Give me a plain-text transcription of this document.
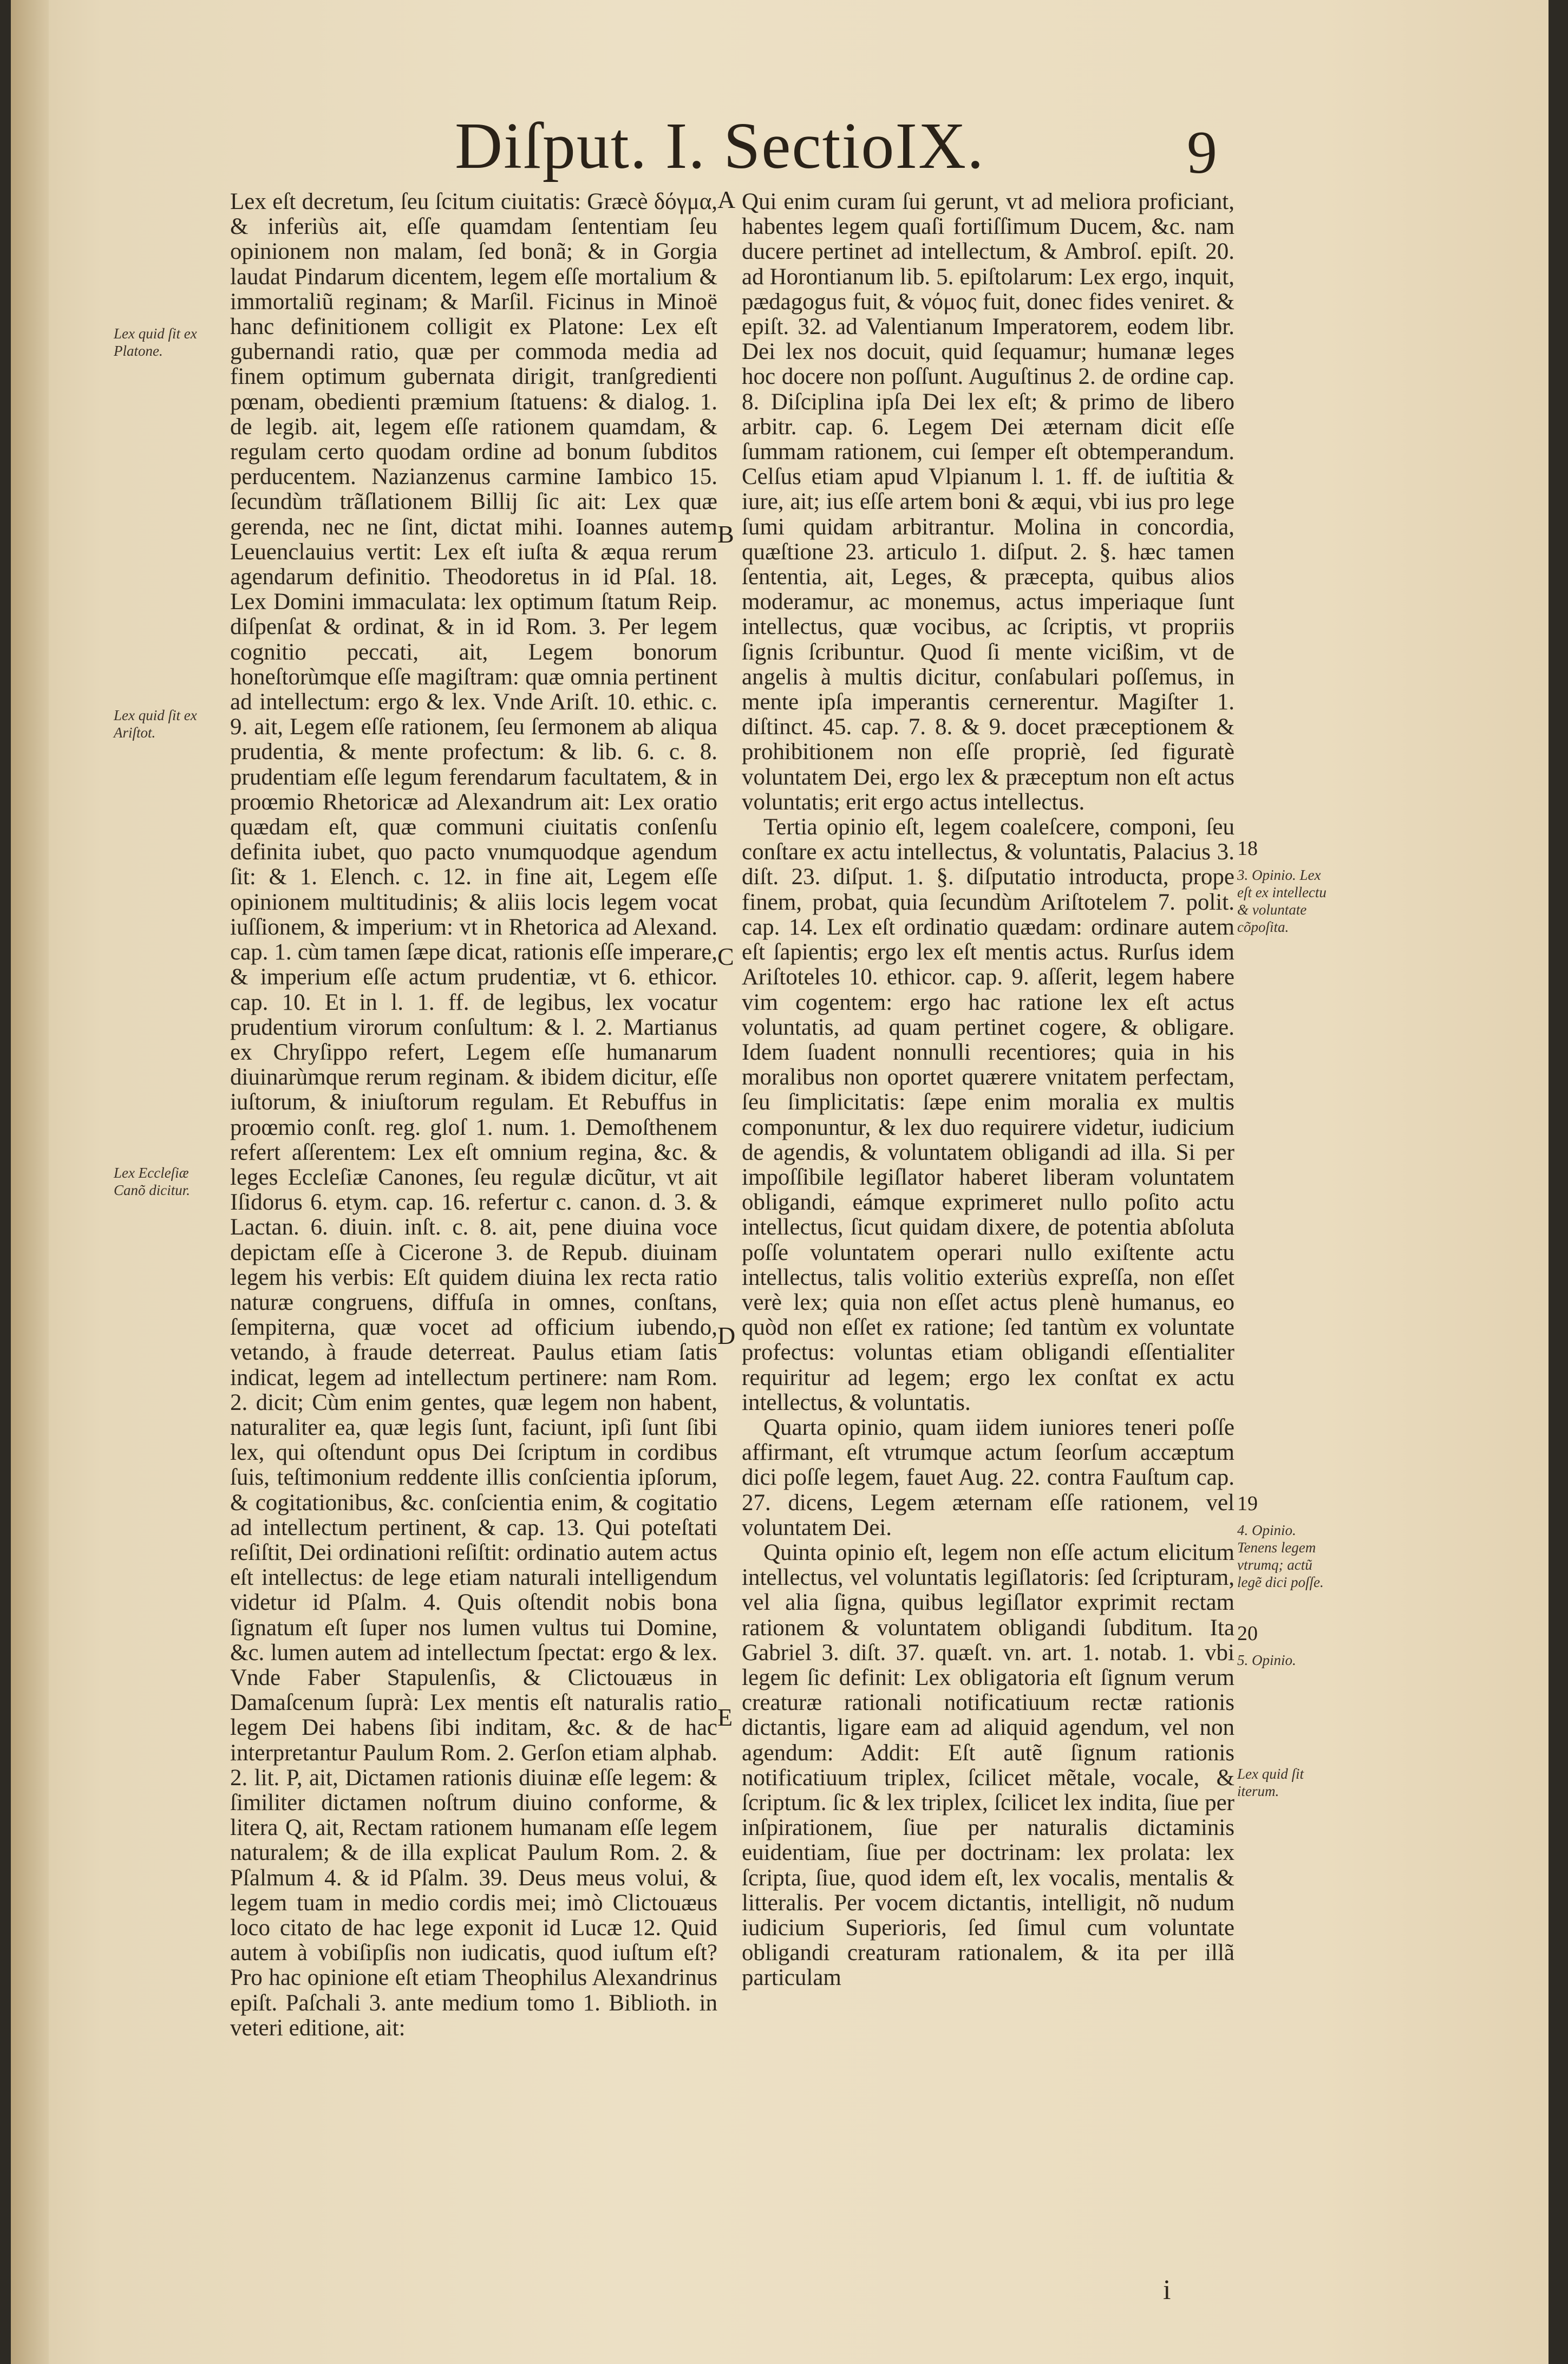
Diſput. I. SectioIX.	9
Lex quid ſit ex Platone.
Lex quid ſit ex Ariſtot.
Lex Eccleſiæ Canõ dicitur.

Lex eſt decretum, ſeu ſcitum ciuitatis: Græcè δόγμα, & inferiùs ait, eſſe quamdam ſententiam ſeu opinionem non malam, ſed bonã; & in Gorgia laudat Pindarum dicentem, legem eſſe mortalium & immortaliũ reginam; & Marſil. Ficinus in Minoë hanc definitionem colligit ex Platone: Lex eſt gubernandi ratio, quæ per commoda media ad finem optimum gubernata dirigit, tranſgredienti pœnam, obedienti præmium ſtatuens: & dialog. 1. de legib. ait, legem eſſe rationem quamdam, & regulam certo quodam ordine ad bonum ſubditos perducentem. Nazianzenus carmine Iambico 15. ſecundùm trãſlationem Billij ſic ait: Lex quæ gerenda, nec ne ſint, dictat mihi. Ioannes autem Leuenclauius vertit: Lex eſt iuſta & æqua rerum agendarum definitio. Theodoretus in id Pſal. 18. Lex Domini immaculata: lex optimum ſtatum Reip. diſpenſat & ordinat, & in id Rom. 3. Per legem cognitio peccati, ait, Legem bonorum honeſtorùmque eſſe magiſtram: quæ omnia pertinent ad intellectum: ergo & lex. Vnde Ariſt. 10. ethic. c. 9. ait, Legem eſſe rationem, ſeu ſermonem ab aliqua prudentia, & mente profectum: & lib. 6. c. 8. prudentiam eſſe legum ferendarum facultatem, & in proœmio Rhetoricæ ad Alexandrum ait: Lex oratio quædam eſt, quæ communi ciuitatis conſenſu definita iubet, quo pacto vnumquodque agendum ſit: & 1. Elench. c. 12. in fine ait, Legem eſſe opinionem multitudinis; & aliis locis legem vocat iuſſionem, & imperium: vt in Rhetorica ad Alexand. cap. 1. cùm tamen ſæpe dicat, rationis eſſe imperare, & imperium eſſe actum prudentiæ, vt 6. ethicor. cap. 10. Et in l. 1. ff. de legibus, lex vocatur prudentium virorum conſultum: & l. 2. Martianus ex Chryſippo refert, Legem eſſe humanarum diuinarùmque rerum reginam. & ibidem dicitur, eſſe iuſtorum, & iniuſtorum regulam. Et Rebuffus in proœmio conſt. reg. gloſ 1. num. 1. Demoſthenem refert aſſerentem: Lex eſt omnium regina, &c. & leges Eccleſiæ Canones, ſeu regulæ dicũtur, vt ait Iſidorus 6. etym. cap. 16. refertur c. canon. d. 3. & Lactan. 6. diuin. inſt. c. 8. ait, pene diuina voce depictam eſſe à Cicerone 3. de Repub. diuinam legem his verbis: Eſt quidem diuina lex recta ratio naturæ congruens, diffuſa in omnes, conſtans, ſempiterna, quæ vocet ad officium iubendo, vetando, à fraude deterreat. Paulus etiam ſatis indicat, legem ad intellectum pertinere: nam Rom. 2. dicit; Cùm enim gentes, quæ legem non habent, naturaliter ea, quæ legis ſunt, faciunt, ipſi ſunt ſibi lex, qui oſtendunt opus Dei ſcriptum in cordibus ſuis, teſtimonium reddente illis conſcientia ipſorum, & cogitationibus, &c. conſcientia enim, & cogitatio ad intellectum pertinent, & cap. 13. Qui poteſtati reſiſtit, Dei ordinationi reſiſtit: ordinatio autem actus eſt intellectus: de lege etiam naturali intelligendum videtur id Pſalm. 4. Quis oſtendit nobis bona ſignatum eſt ſuper nos lumen vultus tui Domine, &c. lumen autem ad intellectum ſpectat: ergo & lex. Vnde Faber Stapulenſis, & Clictouæus in Damaſcenum ſuprà: Lex mentis eſt naturalis ratio legem Dei habens ſibi inditam, &c. & de hac interpretantur Paulum Rom. 2. Gerſon etiam alphab. 2. lit. P, ait, Dictamen rationis diuinæ eſſe legem: & ſimiliter dictamen noſtrum diuino conforme, & litera Q, ait, Rectam rationem humanam eſſe legem naturalem; & de illa explicat Paulum Rom. 2. & Pſalmum 4. & id Pſalm. 39. Deus meus volui, & legem tuam in medio cordis mei; imò Clictouæus loco citato de hac lege exponit id Lucæ 12. Quid autem à vobiſipſis non iudicatis, quod iuſtum eſt? Pro hac opinione eſt etiam Theophilus Alexandrinus epiſt. Paſchali 3. ante medium tomo 1. Biblioth. in veteri editione, ait:

Qui enim curam ſui gerunt, vt ad meliora proficiant, habentes legem quaſi fortiſſimum Ducem, &c. nam ducere pertinet ad intellectum, & Ambroſ. epiſt. 20. ad Horontianum lib. 5. epiſtolarum: Lex ergo, inquit, pædagogus fuit, & νόμος fuit, donec fides veniret. & epiſt. 32. ad Valentianum Imperatorem, eodem libr. Dei lex nos docuit, quid ſequamur; humanæ leges hoc docere non poſſunt. Auguſtinus 2. de ordine cap. 8. Diſciplina ipſa Dei lex eſt; & primo de libero arbitr. cap. 6. Legem Dei æternam dicit eſſe ſummam rationem, cui ſemper eſt obtemperandum. Celſus etiam apud Vlpianum l. 1. ff. de iuſtitia & iure, ait; ius eſſe artem boni & æqui, vbi ius pro lege ſumi quidam arbitrantur. Molina in concordia, quæſtione 23. articulo 1. diſput. 2. §. hæc tamen ſententia, ait, Leges, & præcepta, quibus alios moderamur, ac monemus, actus imperiaque ſunt intellectus, quæ vocibus, ac ſcriptis, vt propriis ſignis ſcribuntur. Quod ſi mente vicißim, vt de angelis à multis dicitur, conſabulari poſſemus, in mente ipſa imperantis cernerentur. Magiſter 1. diſtinct. 45. cap. 7. 8. & 9. docet præceptionem & prohibitionem non eſſe propriè, ſed figuratè voluntatem Dei, ergo lex & præceptum non eſt actus voluntatis; erit ergo actus intellectus.

Tertia opinio eſt, legem coaleſcere, componi, ſeu conſtare ex actu intellectus, & voluntatis, Palacius 3. diſt. 23. diſput. 1. §. diſputatio introducta, prope finem, probat, quia ſecundùm Ariſtotelem 7. polit. cap. 14. Lex eſt ordinatio quædam: ordinare autem eſt ſapientis; ergo lex eſt mentis actus. Rurſus idem Ariſtoteles 10. ethicor. cap. 9. aſſerit, legem habere vim cogentem: ergo hac ratione lex eſt actus voluntatis, ad quam pertinet cogere, & obligare. Idem ſuadent nonnulli recentiores; quia in his moralibus non oportet quærere vnitatem perfectam, ſeu ſimplicitatis: ſæpe enim moralia ex multis componuntur, & lex duo requirere videtur, iudicium de agendis, & voluntatem obligandi ad illa. Si per impoſſibile legiſlator haberet liberam voluntatem obligandi, eámque exprimeret nullo poſito actu intellectus, ſicut quidam dixere, de potentia abſoluta poſſe voluntatem operari nullo exiſtente actu intellectus, talis volitio exteriùs expreſſa, non eſſet verè lex; quia non eſſet actus plenè humanus, eo quòd non eſſet ex ratione; ſed tantùm ex voluntate profectus: voluntas etiam obligandi eſſentialiter requiritur ad legem; ergo lex conſtat ex actu intellectus, & voluntatis.

Quarta opinio, quam iidem iuniores teneri poſſe affirmant, eſt vtrumque actum ſeorſum accæptum dici poſſe legem, fauet Aug. 22. contra Fauſtum cap. 27. dicens, Legem æternam eſſe rationem, vel voluntatem Dei.

Quinta opinio eſt, legem non eſſe actum elicitum intellectus, vel voluntatis legiſlatoris: ſed ſcripturam, vel alia ſigna, quibus legiſlator exprimit rectam rationem & voluntatem obligandi ſubditum. Ita Gabriel 3. diſt. 37. quæſt. vn. art. 1. notab. 1. vbi legem ſic definit: Lex obligatoria eſt ſignum verum creaturæ rationali notificatiuum rectæ rationis dictantis, ligare eam ad aliquid agendum, vel non agendum: Addit: Eſt autẽ ſignum rationis notificatiuum triplex, ſcilicet mẽtale, vocale, & ſcriptum. ſic & lex triplex, ſcilicet lex indita, ſiue per inſpirationem, ſiue per naturalis dictaminis euidentiam, ſiue per doctrinam: lex prolata: lex ſcripta, ſiue, quod idem eſt, lex vocalis, mentalis & litteralis. Per vocem dictantis, intelligit, nõ nudum iudicium Superioris, ſed ſimul cum voluntate obligandi creaturam rationalem, & ita per illã particulam

A
B
C
D
E
18
19
20
3. Opinio. Lex eſt ex intellectu & voluntate cõpoſita.
4. Opinio. Tenens legem vtrumq; actũ legẽ dici poſſe.
5. Opinio.
Lex quid ſit iterum.
i
